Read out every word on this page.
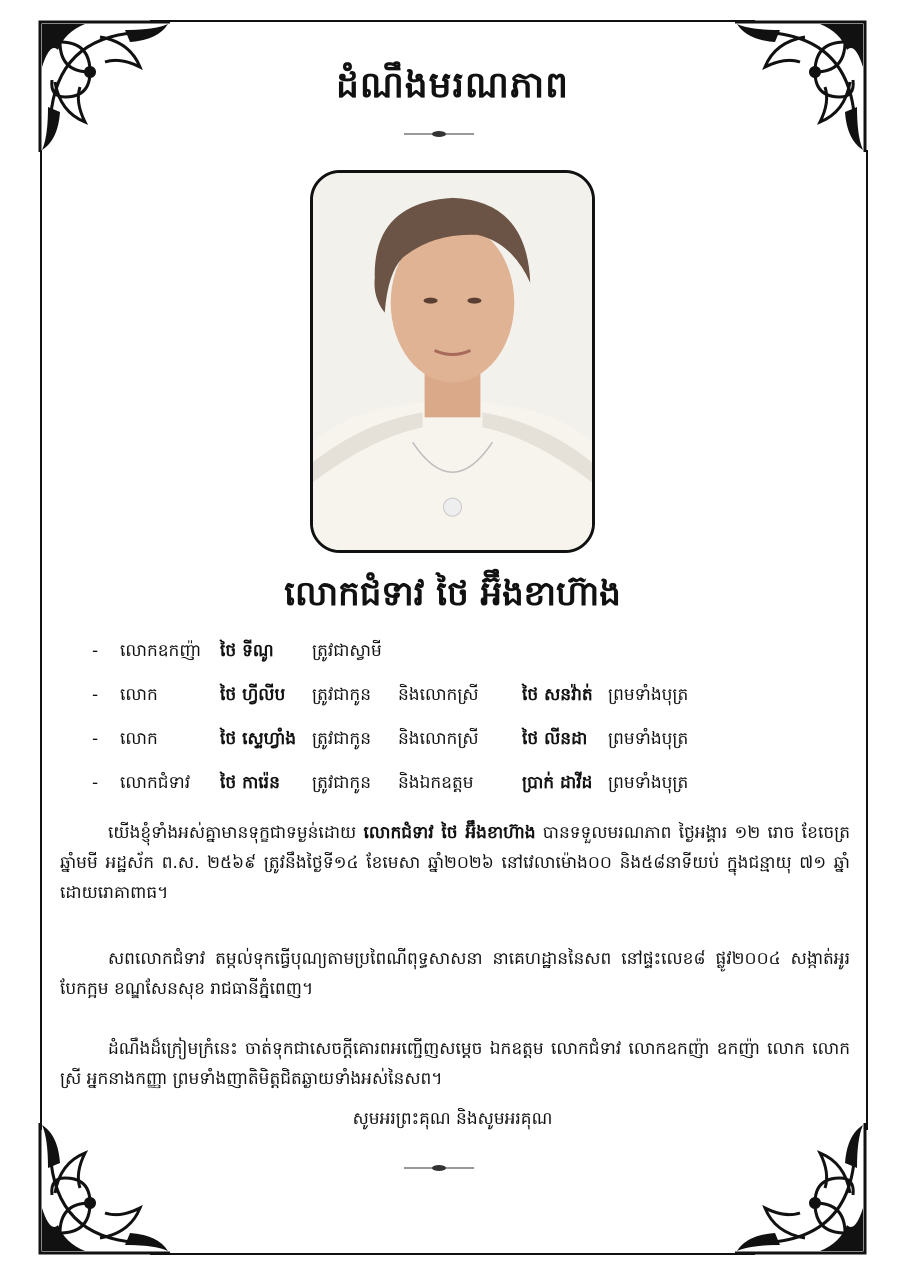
ដំណឹងមរណភាព
លោកជំទាវ ថៃ អ៊ឹងខាហ៊ាង
- លោកឧកញ៉ា ថៃ ទីណូ ត្រូវជាស្វាមី
- លោក	ថៃ ហ្វីលីប ត្រូវជាកូន និងលោកស្រី	ថៃ សនវ៉ាត់ ព្រមទាំងបុត្រ
- លោក	ថៃ ស្ទេហ្វាំង ត្រូវជាកូន និងលោកស្រី	ថៃ លីនដា ព្រមទាំងបុត្រ
- លោកជំទាវ ថៃ ការ៉េន ត្រូវជាកូន និងឯកឧត្តម	ប្រាក់ ដាវីដ ព្រមទាំងបុត្រ
យើងខ្ញុំទាំងអស់គ្នាមានទុក្ខជាទម្ងន់ដោយ លោកជំទាវ ថៃ អ៊ឹងខាហ៊ាង បានទទួលមរណភាព ថ្ងៃអង្គារ ១២ រោច ខែចេត្រ ឆ្នាំមមី អដ្ឋស័ក ព.ស. ២៥៦៩ ត្រូវនឹងថ្ងៃទី១៤ ខែមេសា ឆ្នាំ២០២៦ នៅវេលាម៉ោង០០ និង៥៨នាទីយប់ ក្នុងជន្មាយុ ៧១ ឆ្នាំ ដោយរោគាពាធ។
សពលោកជំទាវ តម្កល់ទុកធ្វើបុណ្យតាមប្រពៃណីពុទ្ធសាសនា នាគេហដ្ឋាននៃសព នៅផ្ទះលេខ៨ ផ្លូវ២០០៤ សង្កាត់អូរបែកក្អម ខណ្ឌសែនសុខ រាជធានីភ្នំពេញ។
ដំណឹងដ៏ក្រៀមក្រំនេះ ចាត់ទុកជាសេចក្តីគោរពអញ្ជើញសម្តេច ឯកឧត្តម លោកជំទាវ លោកឧកញ៉ា ឧកញ៉ា លោក លោកស្រី អ្នកនាងកញ្ញា ព្រមទាំងញាតិមិត្តជិតឆ្ងាយទាំងអស់នៃសព។
សូមអរព្រះគុណ និងសូមអរគុណ
